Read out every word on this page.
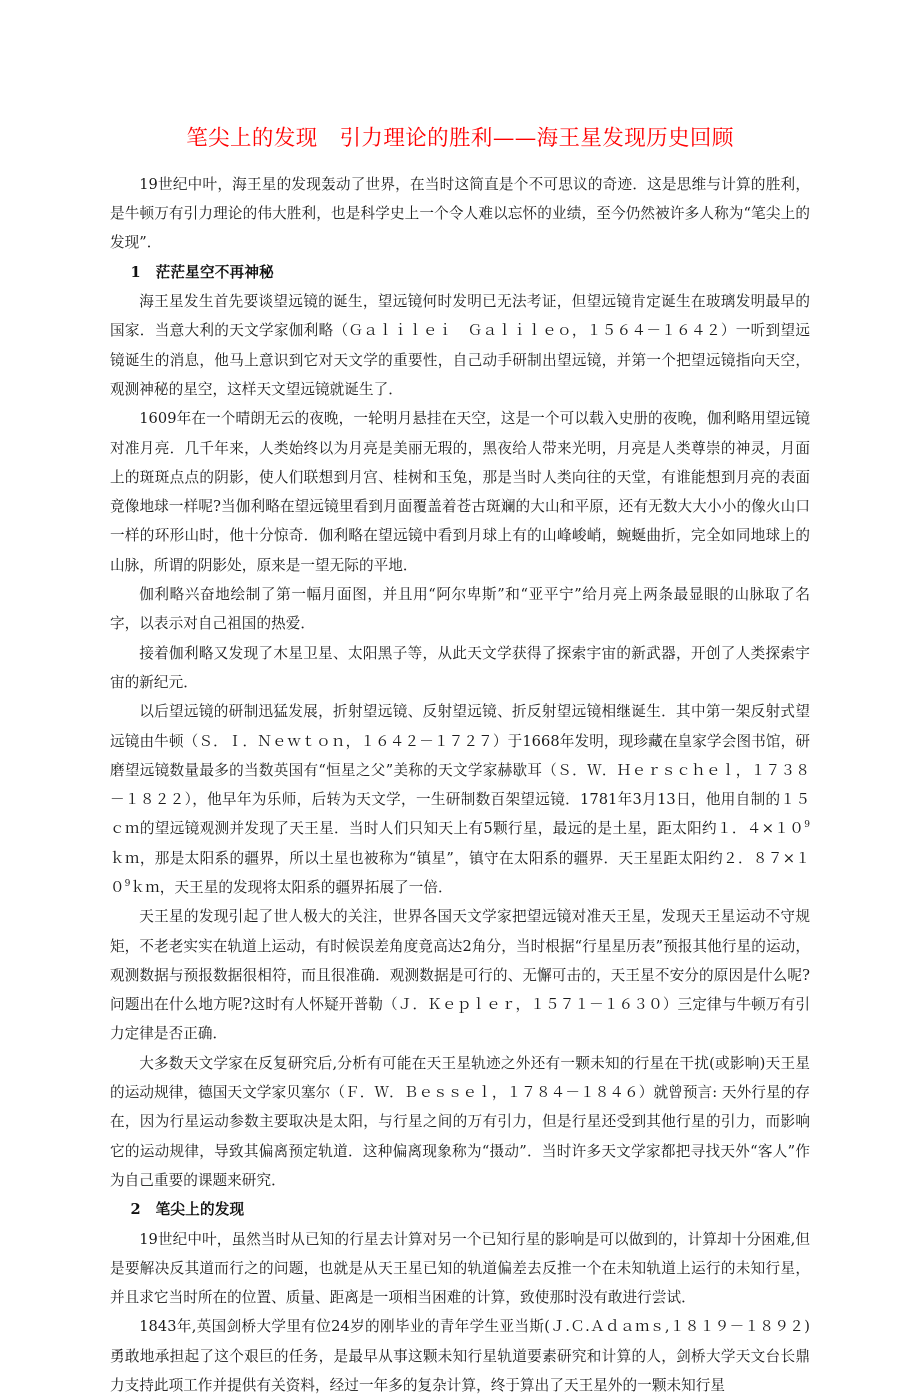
笔尖上的发现　引力理论的胜利——海王星发现历史回顾

19世纪中叶，海王星的发现轰动了世界，在当时这简直是个不可思议的奇迹．这是思维与计算的胜利，是牛顿万有引力理论的伟大胜利，也是科学史上一个令人难以忘怀的业绩，至今仍然被许多人称为“笔尖上的发现”．

1　茫茫星空不再神秘

海王星发生首先要谈望远镜的诞生，望远镜何时发明已无法考证，但望远镜肯定诞生在玻璃发明最早的国家．当意大利的天文学家伽利略（Ｇａｌｉｌｅｉ　Ｇａｌｉｌｅｏ，１５６４－１６４２）一听到望远镜诞生的消息，他马上意识到它对天文学的重要性，自己动手研制出望远镜，并第一个把望远镜指向天空，观测神秘的星空，这样天文望远镜就诞生了．

1609年在一个晴朗无云的夜晚，一轮明月悬挂在天空，这是一个可以载入史册的夜晚，伽利略用望远镜对准月亮．几千年来，人类始终以为月亮是美丽无瑕的，黑夜给人带来光明，月亮是人类尊崇的神灵，月面上的斑斑点点的阴影，使人们联想到月宫、桂树和玉兔，那是当时人类向往的天堂，有谁能想到月亮的表面竟像地球一样呢?当伽利略在望远镜里看到月面覆盖着苍古斑斓的大山和平原，还有无数大大小小的像火山口一样的环形山时，他十分惊奇．伽利略在望远镜中看到月球上有的山峰峻峭，蜿蜒曲折，完全如同地球上的山脉，所谓的阴影处，原来是一望无际的平地．

伽利略兴奋地绘制了第一幅月面图，并且用“阿尔卑斯”和“亚平宁”给月亮上两条最显眼的山脉取了名字，以表示对自己祖国的热爱．

接着伽利略又发现了木星卫星、太阳黑子等，从此天文学获得了探索宇宙的新武器，开创了人类探索宇宙的新纪元．

以后望远镜的研制迅猛发展，折射望远镜、反射望远镜、折反射望远镜相继诞生．其中第一架反射式望远镜由牛顿（Ｓ．Ｉ．Ｎｅｗｔｏｎ，１６４２－１７２７）于1668年发明，现珍藏在皇家学会图书馆，研磨望远镜数量最多的当数英国有“恒星之父”美称的天文学家赫歇耳（Ｓ．Ｗ．Ｈｅｒｓｃｈｅｌ，１７３８－１８２２），他早年为乐师，后转为天文学，一生研制数百架望远镜．1781年3月13日，他用自制的１５ｃｍ的望远镜观测并发现了天王星．当时人们只知天上有5颗行星，最远的是土星，距太阳约１．$4\times 10^9km$，那是太阳系的疆界，所以土星也被称为“镇星”，镇守在太阳系的疆界．天王星距太阳约２．$87\times 10^9km$，天王星的发现将太阳系的疆界拓展了一倍．

天王星的发现引起了世人极大的关注，世界各国天文学家把望远镜对准天王星，发现天王星运动不守规矩，不老老实实在轨道上运动，有时候误差角度竟高达2角分，当时根据“行星星历表”预报其他行星的运动，观测数据与预报数据很相符，而且很准确．观测数据是可行的、无懈可击的，天王星不安分的原因是什么呢?问题出在什么地方呢?这时有人怀疑开普勒（Ｊ．Ｋｅｐｌｅｒ，１５７１－１６３０）三定律与牛顿万有引力定律是否正确．

大多数天文学家在反复研究后,分析有可能在天王星轨迹之外还有一颗未知的行星在干扰(或影响)天王星的运动规律，德国天文学家贝塞尔（Ｆ．Ｗ．Ｂｅｓｓｅｌ，１７８４－１８４６）就曾预言: 天外行星的存在，因为行星运动参数主要取决是太阳，与行星之间的万有引力，但是行星还受到其他行星的引力，而影响它的运动规律，导致其偏离预定轨道．这种偏离现象称为“摄动”．当时许多天文学家都把寻找天外“客人”作为自己重要的课题来研究．

2　笔尖上的发现

19世纪中叶，虽然当时从已知的行星去计算对另一个已知行星的影响是可以做到的，计算却十分困难,但是要解决反其道而行之的问题，也就是从天王星已知的轨道偏差去反推一个在未知轨道上运行的未知行星，并且求它当时所在的位置、质量、距离是一项相当困难的计算，致使那时没有敢进行尝试．

1843年,英国剑桥大学里有位24岁的刚毕业的青年学生亚当斯(Ｊ.Ｃ.Ａｄａｍｓ,１８１９－１８９２)勇敢地承担起了这个艰巨的任务，是最早从事这颗未知行星轨道要素研究和计算的人，剑桥大学天文台长鼎力支持此项工作并提供有关资料，经过一年多的复杂计算，终于算出了天王星外的一颗未知行星
